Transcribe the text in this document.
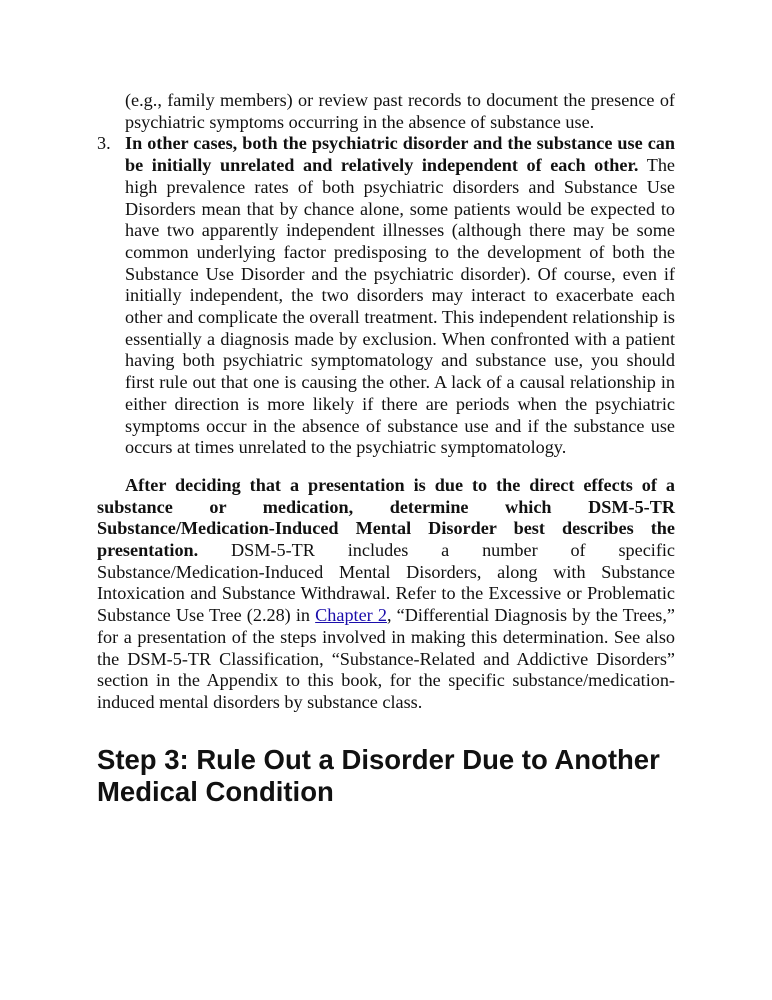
(e.g., family members) or review past records to document the presence of psychiatric symptoms occurring in the absence of substance use.
3. In other cases, both the psychiatric disorder and the substance use can be initially unrelated and relatively independent of each other. The high prevalence rates of both psychiatric disorders and Substance Use Disorders mean that by chance alone, some patients would be expected to have two apparently independent illnesses (although there may be some common underlying factor predisposing to the development of both the Substance Use Disorder and the psychiatric disorder). Of course, even if initially independent, the two disorders may interact to exacerbate each other and complicate the overall treatment. This independent relationship is essentially a diagnosis made by exclusion. When confronted with a patient having both psychiatric symptomatology and substance use, you should first rule out that one is causing the other. A lack of a causal relationship in either direction is more likely if there are periods when the psychiatric symptoms occur in the absence of substance use and if the substance use occurs at times unrelated to the psychiatric symptomatology.
After deciding that a presentation is due to the direct effects of a substance or medication, determine which DSM-5-TR Substance/Medication-Induced Mental Disorder best describes the presentation. DSM-5-TR includes a number of specific Substance/Medication-Induced Mental Disorders, along with Substance Intoxication and Substance Withdrawal. Refer to the Excessive or Problematic Substance Use Tree (2.28) in Chapter 2, “Differential Diagnosis by the Trees,” for a presentation of the steps involved in making this determination. See also the DSM-5-TR Classification, “Substance-Related and Addictive Disorders” section in the Appendix to this book, for the specific substance/medication-induced mental disorders by substance class.
Step 3: Rule Out a Disorder Due to Another Medical Condition
